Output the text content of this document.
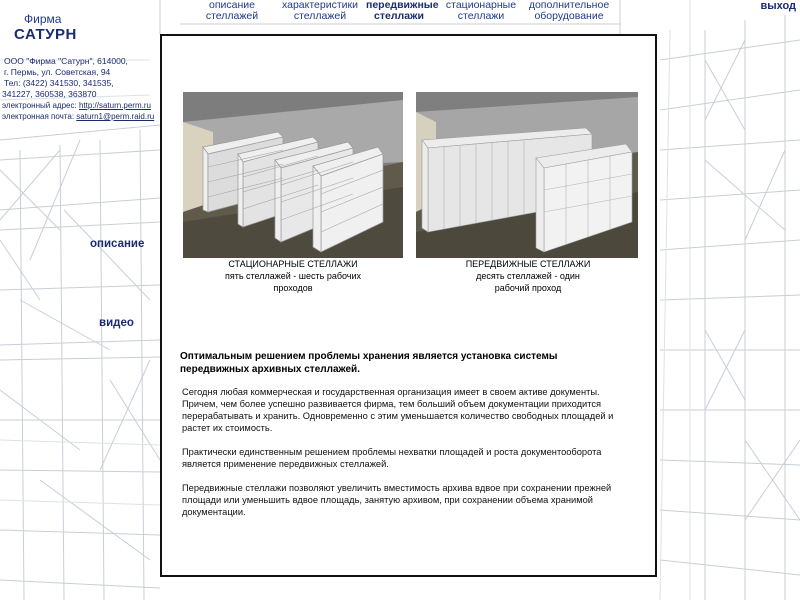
описание стеллажей
характеристики стеллажей
передвижные стеллажи
стационарные стеллажи
дополнительное оборудование
выход
Фирма
САТУРН
ООО "Фирма "Сатурн", 614000,
г. Пермь, ул. Советская, 94
Тел: (3422) 341530, 341535,
341227, 360538, 363870
электронный адрес: http://saturn.perm.ru
электронная почта: saturn1@perm.raid.ru
описание
видео
СТАЦИОНАРНЫЕ СТЕЛЛАЖИ
пять стеллажей - шесть рабочих
проходов
ПЕРЕДВИЖНЫЕ СТЕЛЛАЖИ
десять стеллажей - один
рабочий проход
Оптимальным решением проблемы хранения является установка системы передвижных архивных стеллажей.
Сегодня любая коммерческая и государственная организация имеет в своем активе документы. Причем, чем более успешно развивается фирма, тем больший объем документации приходится перерабатывать и хранить. Одновременно с этим уменьшается количество свободных площадей и растет их стоимость.
Практически единственным решением проблемы нехватки площадей и роста документооборота является применение передвижных стеллажей.
Передвижные стеллажи позволяют увеличить вместимость архива вдвое при сохранении прежней площади или уменьшить вдвое площадь, занятую архивом, при сохранении объема хранимой документации.
